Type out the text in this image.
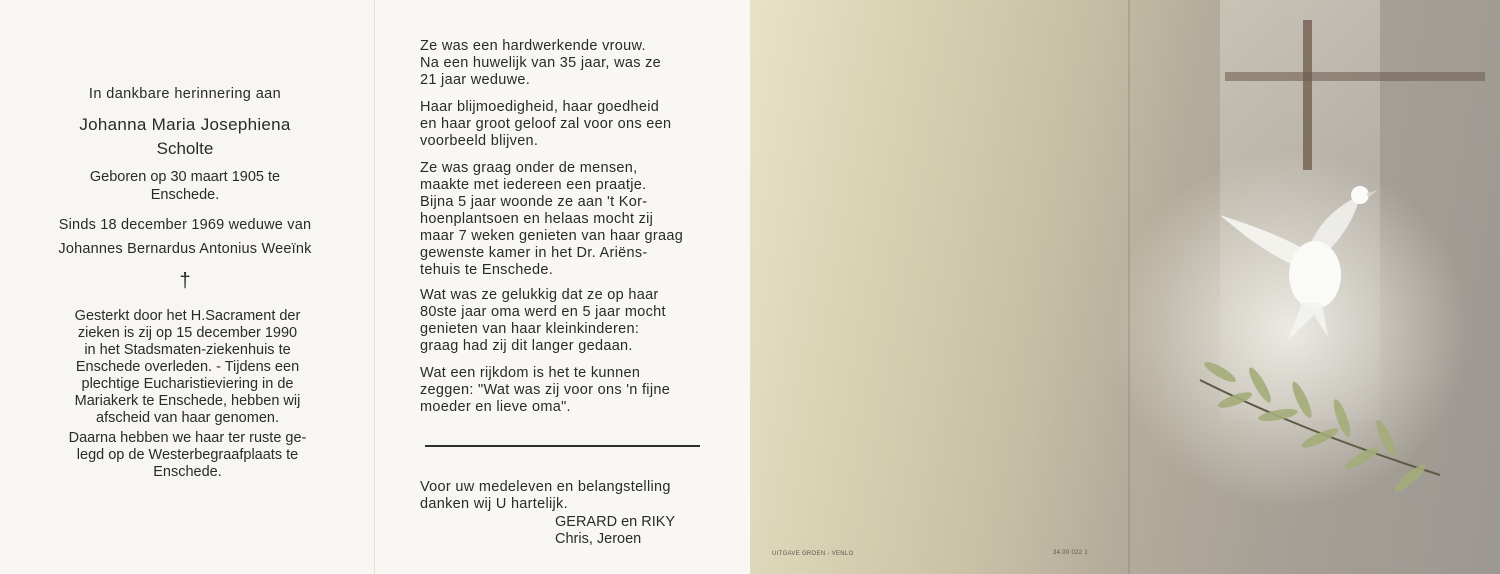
In dankbare herinnering aan
Johanna Maria Josephiena
Scholte
Geboren op 30 maart 1905 te
Enschede.
Sinds 18 december 1969 weduwe van
Johannes Bernardus Antonius Weeïnk
†
Gesterkt door het H.Sacrament der
zieken is zij op 15 december 1990
in het Stadsmaten-ziekenhuis te
Enschede overleden. - Tijdens een
plechtige Eucharistieviering in de
Mariakerk te Enschede, hebben wij
afscheid van haar genomen.
Daarna hebben we haar ter ruste ge-
legd op de Westerbegraafplaats te
Enschede.
Ze was een hardwerkende vrouw.
Na een huwelijk van 35 jaar, was ze
21 jaar weduwe.
Haar blijmoedigheid, haar goedheid
en haar groot geloof zal voor ons een
voorbeeld blijven.
Ze was graag onder de mensen,
maakte met iedereen een praatje.
Bijna 5 jaar woonde ze aan 't Kor-
hoenplantsoen en helaas mocht zij
maar 7 weken genieten van haar graag
gewenste kamer in het Dr. Ariëns-
tehuis te Enschede.
Wat was ze gelukkig dat ze op haar
80ste jaar oma werd en 5 jaar mocht
genieten van haar kleinkinderen:
graag had zij dit langer gedaan.
Wat een rijkdom is het te kunnen
zeggen: "Wat was zij voor ons 'n fijne
moeder en lieve oma".
Voor uw medeleven en belangstelling
danken wij U hartelijk.
GERARD en RIKY
Chris, Jeroen
UITGAVE GROEN - VENLO	34.00 022 1
